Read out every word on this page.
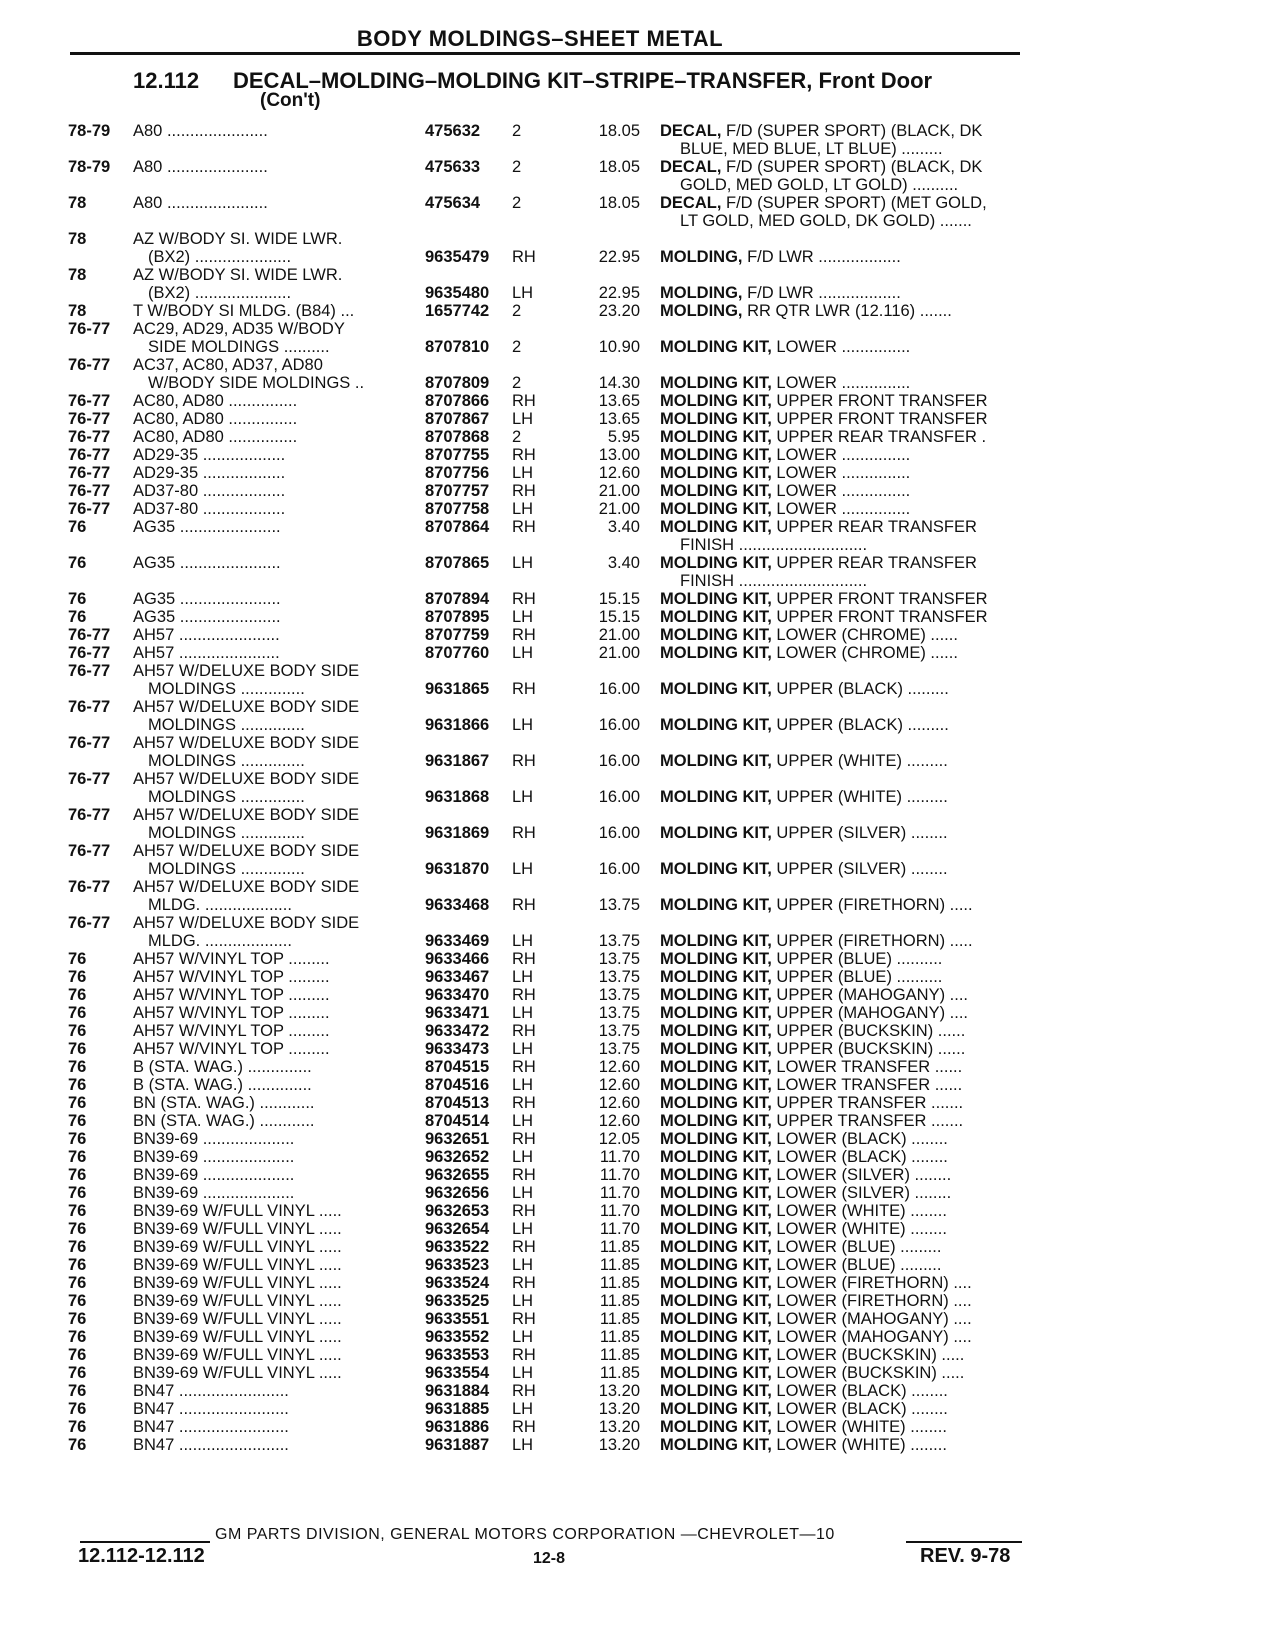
BODY MOLDINGS–SHEET METAL
12.112 DECAL–MOLDING–MOLDING KIT–STRIPE–TRANSFER, Front Door
(Con't)
78-79 A80 ......................	475632 2	18.05 DECAL, F/D (SUPER SPORT) (BLACK, DK
BLUE, MED BLUE, LT BLUE) .........
78-79 A80 ......................	475633 2	18.05 DECAL, F/D (SUPER SPORT) (BLACK, DK
GOLD, MED GOLD, LT GOLD) ..........
78	A80 ......................	475634 2	18.05 DECAL, F/D (SUPER SPORT) (MET GOLD,
LT GOLD, MED GOLD, DK GOLD) .......
78	AZ W/BODY SI. WIDE LWR.
(BX2) .....................	9635479 RH	22.95 MOLDING, F/D LWR ..................
78	AZ W/BODY SI. WIDE LWR.
(BX2) .....................	9635480 LH	22.95 MOLDING, F/D LWR ..................
78	T W/BODY SI MLDG. (B84) ...	1657742 2	23.20 MOLDING, RR QTR LWR (12.116) .......
76-77 AC29, AD29, AD35 W/BODY
SIDE MOLDINGS ..........	8707810 2	10.90 MOLDING KIT, LOWER ...............
76-77 AC37, AC80, AD37, AD80
W/BODY SIDE MOLDINGS ..	8707809 2	14.30 MOLDING KIT, LOWER ...............
76-77 AC80, AD80 ...............	8707866 RH	13.65 MOLDING KIT, UPPER FRONT TRANSFER
76-77 AC80, AD80 ...............	8707867 LH	13.65 MOLDING KIT, UPPER FRONT TRANSFER
76-77 AC80, AD80 ...............	8707868 2	5.95 MOLDING KIT, UPPER REAR TRANSFER .
76-77 AD29-35 ..................	8707755 RH	13.00 MOLDING KIT, LOWER ...............
76-77 AD29-35 ..................	8707756 LH	12.60 MOLDING KIT, LOWER ...............
76-77 AD37-80 ..................	8707757 RH	21.00 MOLDING KIT, LOWER ...............
76-77 AD37-80 ..................	8707758 LH	21.00 MOLDING KIT, LOWER ...............
76	AG35 ......................	8707864 RH	3.40 MOLDING KIT, UPPER REAR TRANSFER
FINISH ............................
76	AG35 ......................	8707865 LH	3.40 MOLDING KIT, UPPER REAR TRANSFER
FINISH ............................
76	AG35 ......................	8707894 RH	15.15 MOLDING KIT, UPPER FRONT TRANSFER
76	AG35 ......................	8707895 LH	15.15 MOLDING KIT, UPPER FRONT TRANSFER
76-77 AH57 ......................	8707759 RH	21.00 MOLDING KIT, LOWER (CHROME) ......
76-77 AH57 ......................	8707760 LH	21.00 MOLDING KIT, LOWER (CHROME) ......
76-77 AH57 W/DELUXE BODY SIDE
MOLDINGS ..............	9631865 RH	16.00 MOLDING KIT, UPPER (BLACK) .........
76-77 AH57 W/DELUXE BODY SIDE
MOLDINGS ..............	9631866 LH	16.00 MOLDING KIT, UPPER (BLACK) .........
76-77 AH57 W/DELUXE BODY SIDE
MOLDINGS ..............	9631867 RH	16.00 MOLDING KIT, UPPER (WHITE) .........
76-77 AH57 W/DELUXE BODY SIDE
MOLDINGS ..............	9631868 LH	16.00 MOLDING KIT, UPPER (WHITE) .........
76-77 AH57 W/DELUXE BODY SIDE
MOLDINGS ..............	9631869 RH	16.00 MOLDING KIT, UPPER (SILVER) ........
76-77 AH57 W/DELUXE BODY SIDE
MOLDINGS ..............	9631870 LH	16.00 MOLDING KIT, UPPER (SILVER) ........
76-77 AH57 W/DELUXE BODY SIDE
MLDG. ...................	9633468 RH	13.75 MOLDING KIT, UPPER (FIRETHORN) .....
76-77 AH57 W/DELUXE BODY SIDE
MLDG. ...................	9633469 LH	13.75 MOLDING KIT, UPPER (FIRETHORN) .....
76	AH57 W/VINYL TOP .........	9633466 RH	13.75 MOLDING KIT, UPPER (BLUE) ..........
76	AH57 W/VINYL TOP .........	9633467 LH	13.75 MOLDING KIT, UPPER (BLUE) ..........
76	AH57 W/VINYL TOP .........	9633470 RH	13.75 MOLDING KIT, UPPER (MAHOGANY) ....
76	AH57 W/VINYL TOP .........	9633471 LH	13.75 MOLDING KIT, UPPER (MAHOGANY) ....
76	AH57 W/VINYL TOP .........	9633472 RH	13.75 MOLDING KIT, UPPER (BUCKSKIN) ......
76	AH57 W/VINYL TOP .........	9633473 LH	13.75 MOLDING KIT, UPPER (BUCKSKIN) ......
76	B (STA. WAG.) ..............	8704515 RH	12.60 MOLDING KIT, LOWER TRANSFER ......
76	B (STA. WAG.) ..............	8704516 LH	12.60 MOLDING KIT, LOWER TRANSFER ......
76	BN (STA. WAG.) ............	8704513 RH	12.60 MOLDING KIT, UPPER TRANSFER .......
76	BN (STA. WAG.) ............	8704514 LH	12.60 MOLDING KIT, UPPER TRANSFER .......
76	BN39-69 ....................	9632651 RH	12.05 MOLDING KIT, LOWER (BLACK) ........
76	BN39-69 ....................	9632652 LH	11.70 MOLDING KIT, LOWER (BLACK) ........
76	BN39-69 ....................	9632655 RH	11.70 MOLDING KIT, LOWER (SILVER) ........
76	BN39-69 ....................	9632656 LH	11.70 MOLDING KIT, LOWER (SILVER) ........
76	BN39-69 W/FULL VINYL .....	9632653 RH	11.70 MOLDING KIT, LOWER (WHITE) ........
76	BN39-69 W/FULL VINYL .....	9632654 LH	11.70 MOLDING KIT, LOWER (WHITE) ........
76	BN39-69 W/FULL VINYL .....	9633522 RH	11.85 MOLDING KIT, LOWER (BLUE) .........
76	BN39-69 W/FULL VINYL .....	9633523 LH	11.85 MOLDING KIT, LOWER (BLUE) .........
76	BN39-69 W/FULL VINYL .....	9633524 RH	11.85 MOLDING KIT, LOWER (FIRETHORN) ....
76	BN39-69 W/FULL VINYL .....	9633525 LH	11.85 MOLDING KIT, LOWER (FIRETHORN) ....
76	BN39-69 W/FULL VINYL .....	9633551 RH	11.85 MOLDING KIT, LOWER (MAHOGANY) ....
76	BN39-69 W/FULL VINYL .....	9633552 LH	11.85 MOLDING KIT, LOWER (MAHOGANY) ....
76	BN39-69 W/FULL VINYL .....	9633553 RH	11.85 MOLDING KIT, LOWER (BUCKSKIN) .....
76	BN39-69 W/FULL VINYL .....	9633554 LH	11.85 MOLDING KIT, LOWER (BUCKSKIN) .....
76	BN47 ........................	9631884 RH	13.20 MOLDING KIT, LOWER (BLACK) ........
76	BN47 ........................	9631885 LH	13.20 MOLDING KIT, LOWER (BLACK) ........
76	BN47 ........................	9631886 RH	13.20 MOLDING KIT, LOWER (WHITE) ........
76	BN47 ........................	9631887 LH	13.20 MOLDING KIT, LOWER (WHITE) ........
GM PARTS DIVISION, GENERAL MOTORS CORPORATION —CHEVROLET—10
12.112-12.112	12-8	REV. 9-78
